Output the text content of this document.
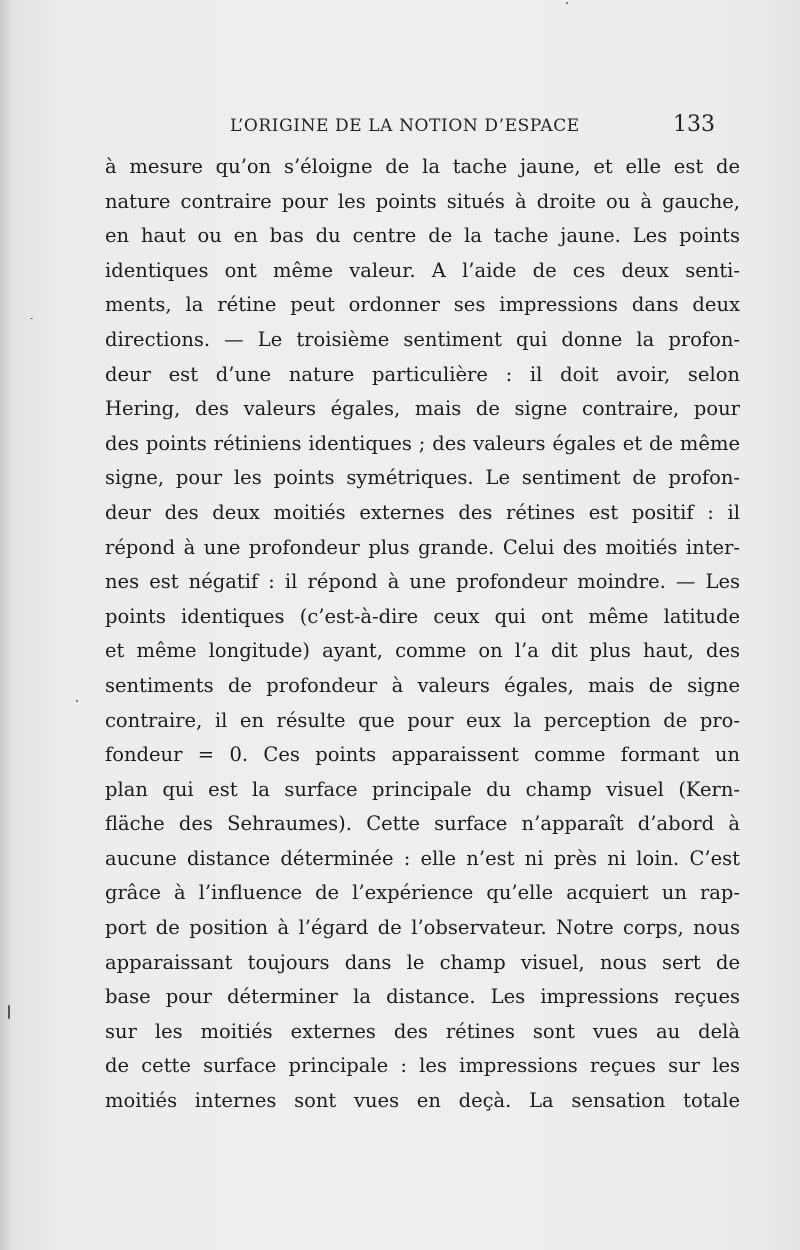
L’ORIGINE DE LA NOTION D’ESPACE	133
à mesure qu’on s’éloigne de la tache jaune, et elle est de
nature contraire pour les points situés à droite ou à gauche,
en haut ou en bas du centre de la tache jaune. Les points
identiques ont même valeur. A l’aide de ces deux senti-
ments, la rétine peut ordonner ses impressions dans deux
directions. — Le troisième sentiment qui donne la profon-
deur est d’une nature particulière : il doit avoir, selon
Hering, des valeurs égales, mais de signe contraire, pour
des points rétiniens identiques ; des valeurs égales et de même
signe, pour les points symétriques. Le sentiment de profon-
deur des deux moitiés externes des rétines est positif : il
répond à une profondeur plus grande. Celui des moitiés inter-
nes est négatif : il répond à une profondeur moindre. — Les
points identiques (c’est-à-dire ceux qui ont même latitude
et même longitude) ayant, comme on l’a dit plus haut, des
sentiments de profondeur à valeurs égales, mais de signe
contraire, il en résulte que pour eux la perception de pro-
fondeur = 0. Ces points apparaissent comme formant un
plan qui est la surface principale du champ visuel (Kern-
fläche des Sehraumes). Cette surface n’apparaît d’abord à
aucune distance déterminée : elle n’est ni près ni loin. C’est
grâce à l’influence de l’expérience qu’elle acquiert un rap-
port de position à l’égard de l’observateur. Notre corps, nous
apparaissant toujours dans le champ visuel, nous sert de
base pour déterminer la distance. Les impressions reçues
sur les moitiés externes des rétines sont vues au delà
de cette surface principale : les impressions reçues sur les
moitiés internes sont vues en deçà. La sensation totale
